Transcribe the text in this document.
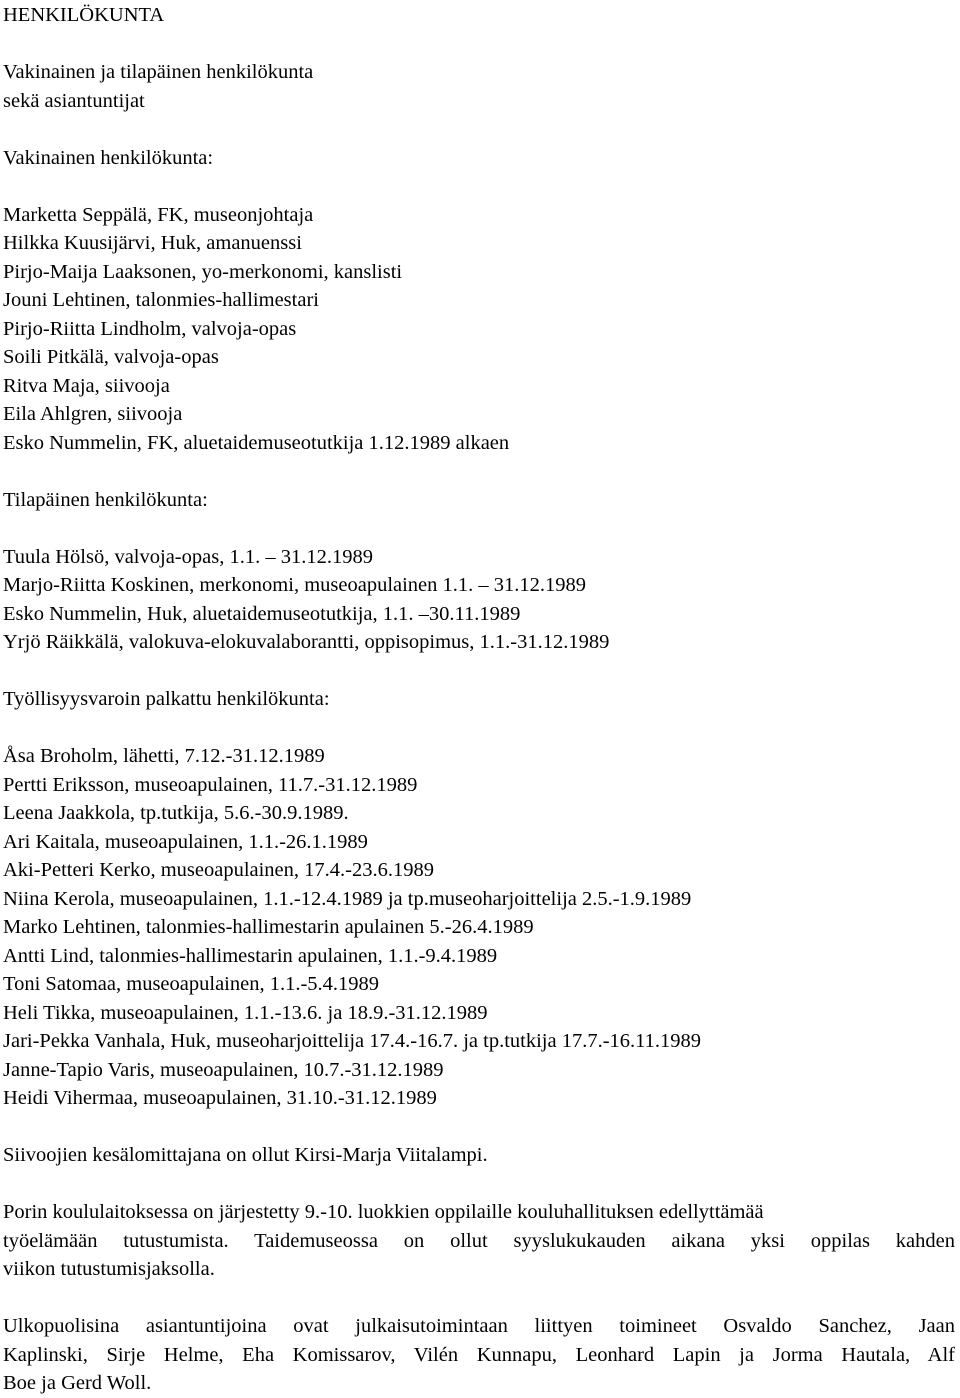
HENKILÖKUNTA
Vakinainen ja tilapäinen henkilökunta
sekä asiantuntijat
Vakinainen henkilökunta:
Marketta Seppälä, FK, museonjohtaja
Hilkka Kuusijärvi, Huk, amanuenssi
Pirjo-Maija Laaksonen, yo-merkonomi, kanslisti
Jouni Lehtinen, talonmies-hallimestari
Pirjo-Riitta Lindholm, valvoja-opas
Soili Pitkälä, valvoja-opas
Ritva Maja, siivooja
Eila Ahlgren, siivooja
Esko Nummelin, FK, aluetaidemuseotutkija 1.12.1989 alkaen
Tilapäinen henkilökunta:
Tuula Hölsö, valvoja-opas, 1.1. – 31.12.1989
Marjo-Riitta Koskinen, merkonomi, museoapulainen 1.1. – 31.12.1989
Esko Nummelin, Huk, aluetaidemuseotutkija, 1.1. –30.11.1989
Yrjö Räikkälä, valokuva-elokuvalaborantti, oppisopimus, 1.1.-31.12.1989
Työllisyysvaroin palkattu henkilökunta:
Åsa Broholm, lähetti, 7.12.-31.12.1989
Pertti Eriksson, museoapulainen, 11.7.-31.12.1989
Leena Jaakkola, tp.tutkija, 5.6.-30.9.1989.
Ari Kaitala, museoapulainen, 1.1.-26.1.1989
Aki-Petteri Kerko, museoapulainen, 17.4.-23.6.1989
Niina Kerola, museoapulainen, 1.1.-12.4.1989 ja tp.museoharjoittelija 2.5.-1.9.1989
Marko Lehtinen, talonmies-hallimestarin apulainen 5.-26.4.1989
Antti Lind, talonmies-hallimestarin apulainen, 1.1.-9.4.1989
Toni Satomaa, museoapulainen, 1.1.-5.4.1989
Heli Tikka, museoapulainen, 1.1.-13.6. ja 18.9.-31.12.1989
Jari-Pekka Vanhala, Huk, museoharjoittelija 17.4.-16.7. ja tp.tutkija 17.7.-16.11.1989
Janne-Tapio Varis, museoapulainen, 10.7.-31.12.1989
Heidi Vihermaa, museoapulainen, 31.10.-31.12.1989
Siivoojien kesälomittajana on ollut Kirsi-Marja Viitalampi.
Porin koululaitoksessa on järjestetty 9.-10. luokkien oppilaille kouluhallituksen edellyttämää
työelämään tutustumista. Taidemuseossa on ollut syyslukukauden aikana yksi oppilas kahden
viikon tutustumisjaksolla.
Ulkopuolisina asiantuntijoina ovat julkaisutoimintaan liittyen toimineet Osvaldo Sanchez, Jaan
Kaplinski, Sirje Helme, Eha Komissarov, Vilén Kunnapu, Leonhard Lapin ja Jorma Hautala, Alf
Boe ja Gerd Woll.
